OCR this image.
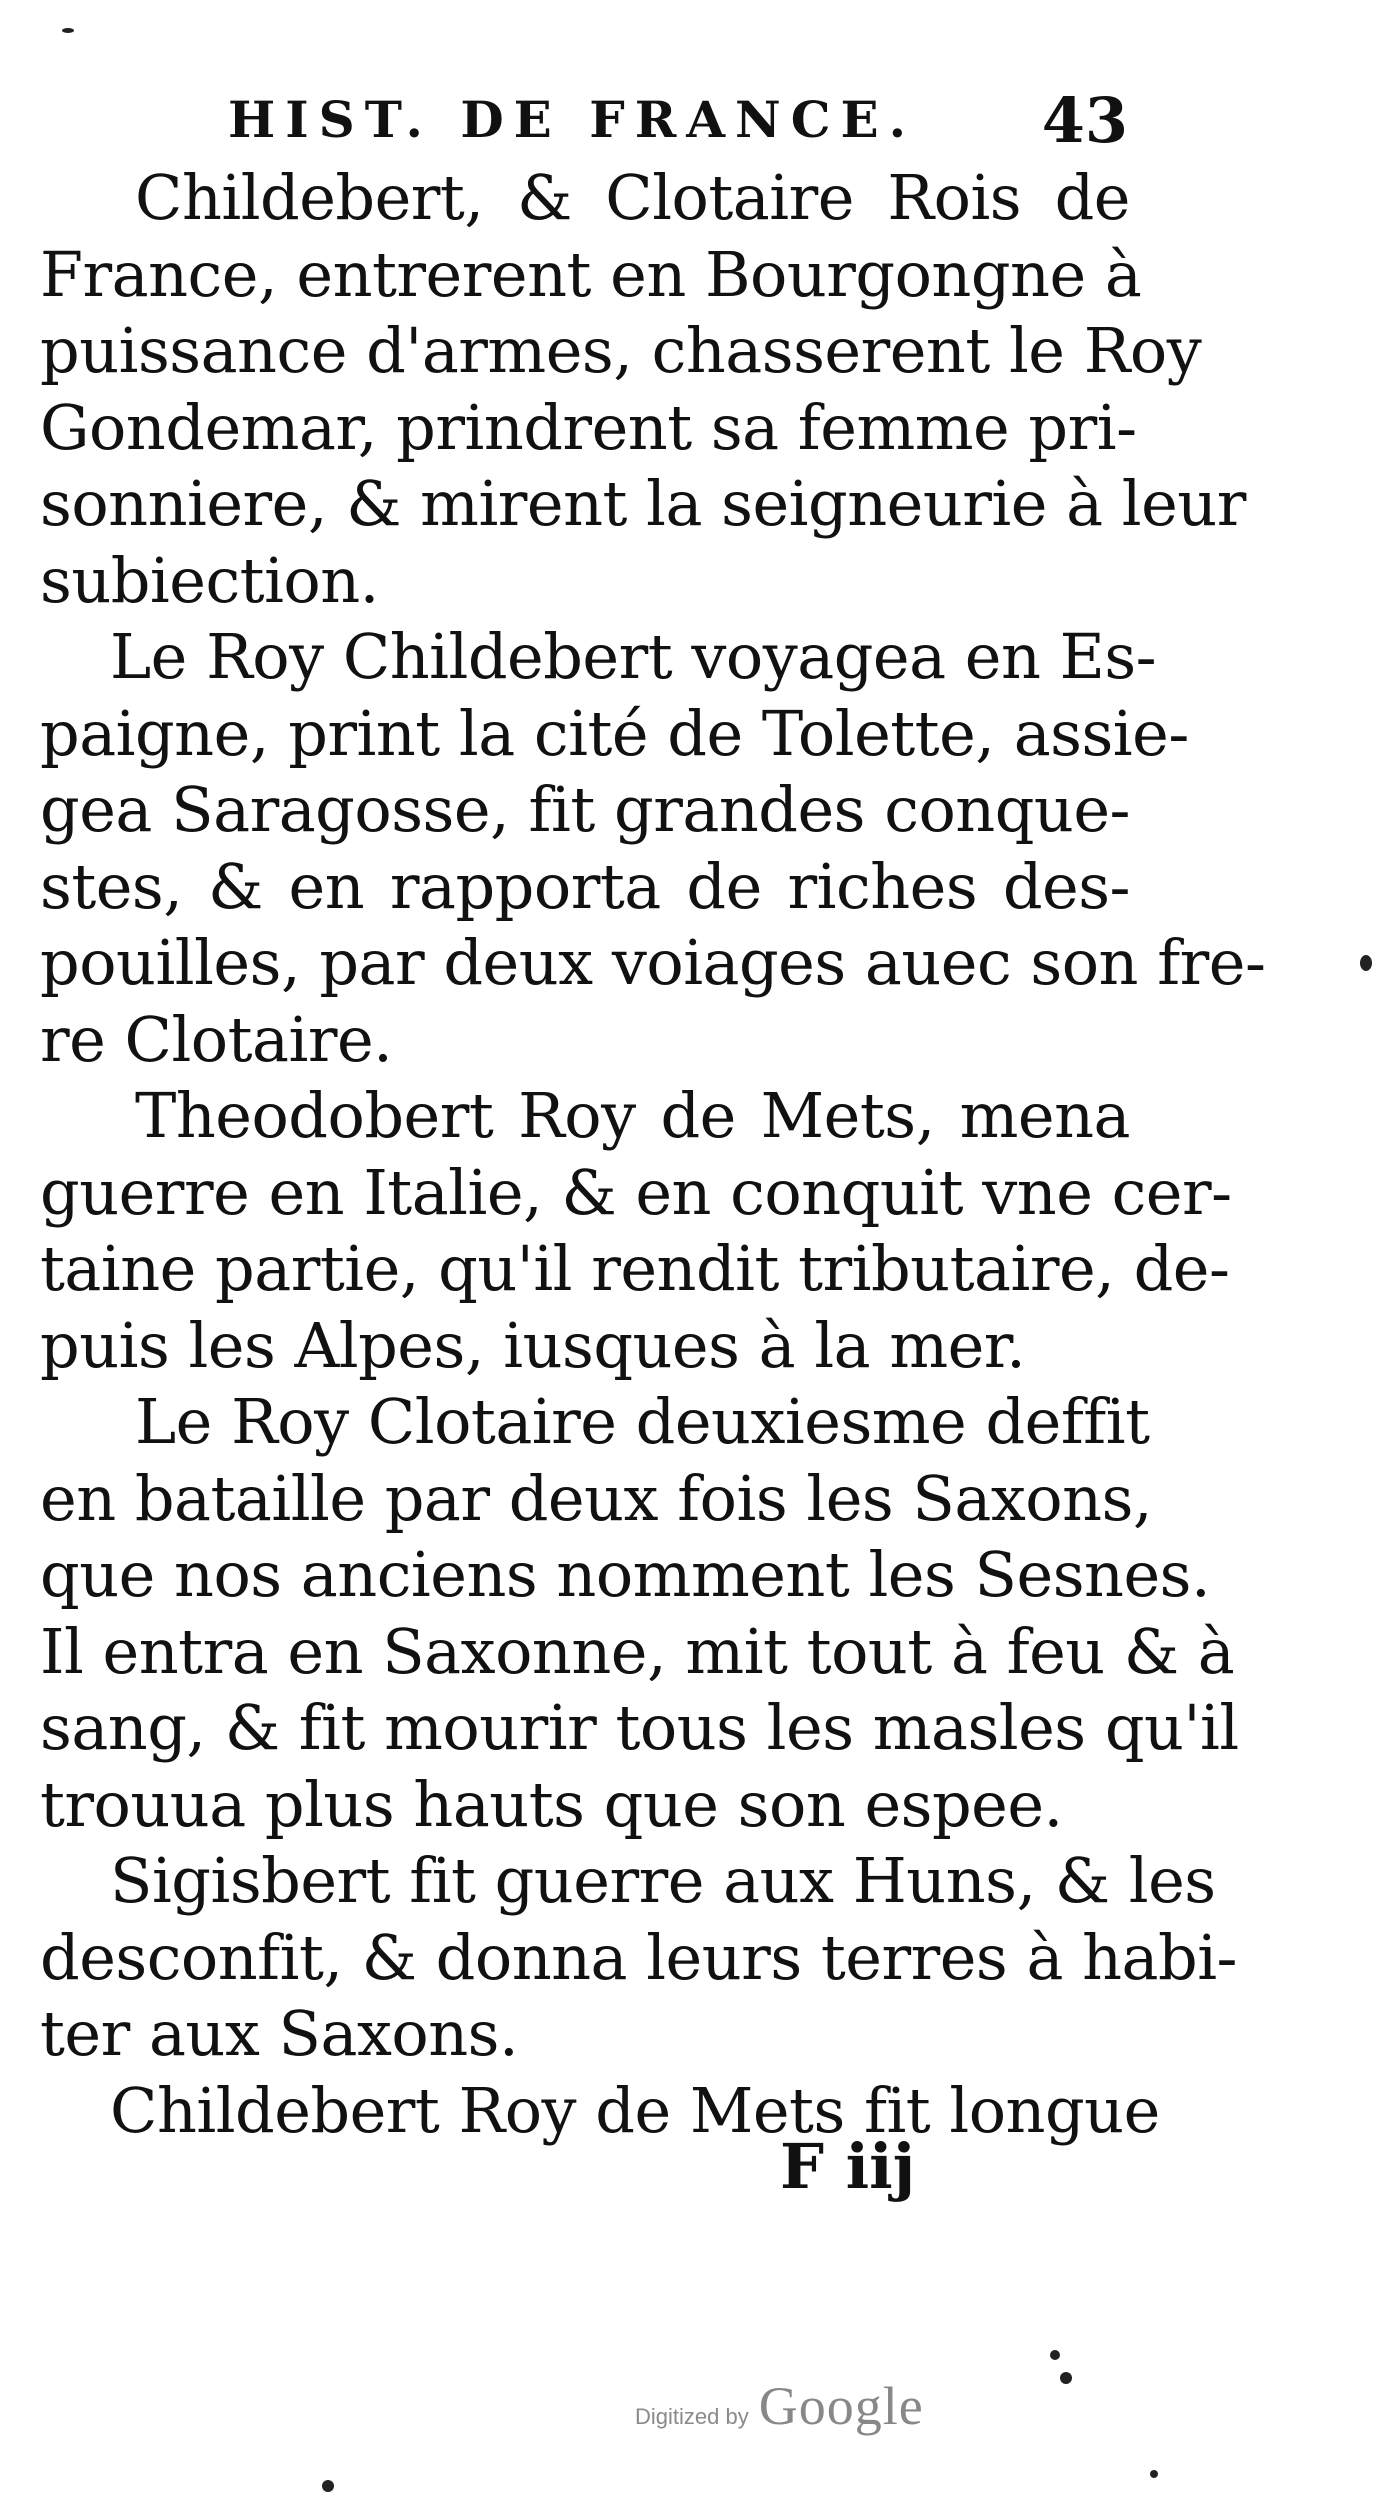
HIST. DE FRANCE. 43
Childebert, & Clotaire Rois de
France, entrerent en Bourgongne à
puissance d'armes, chasserent le Roy
Gondemar, prindrent sa femme pri-
sonniere, & mirent la seigneurie à leur
subiection.
Le Roy Childebert voyagea en Es-
paigne, print la cité de Tolette, assie-
gea Saragosse, fit grandes conque-
stes, & en rapporta de riches des-
pouilles, par deux voiages auec son fre-
re Clotaire.
Theodobert Roy de Mets, mena
guerre en Italie, & en conquit vne cer-
taine partie, qu'il rendit tributaire, de-
puis les Alpes, iusques à la mer.
Le Roy Clotaire deuxiesme deffit
en bataille par deux fois les Saxons,
que nos anciens nomment les Sesnes.
Il entra en Saxonne, mit tout à feu & à
sang, & fit mourir tous les masles qu'il
trouua plus hauts que son espee.
Sigisbert fit guerre aux Huns, & les
desconfit, & donna leurs terres à habi-
ter aux Saxons.
Childebert Roy de Mets fit longue
F iij
Digitized by Google
